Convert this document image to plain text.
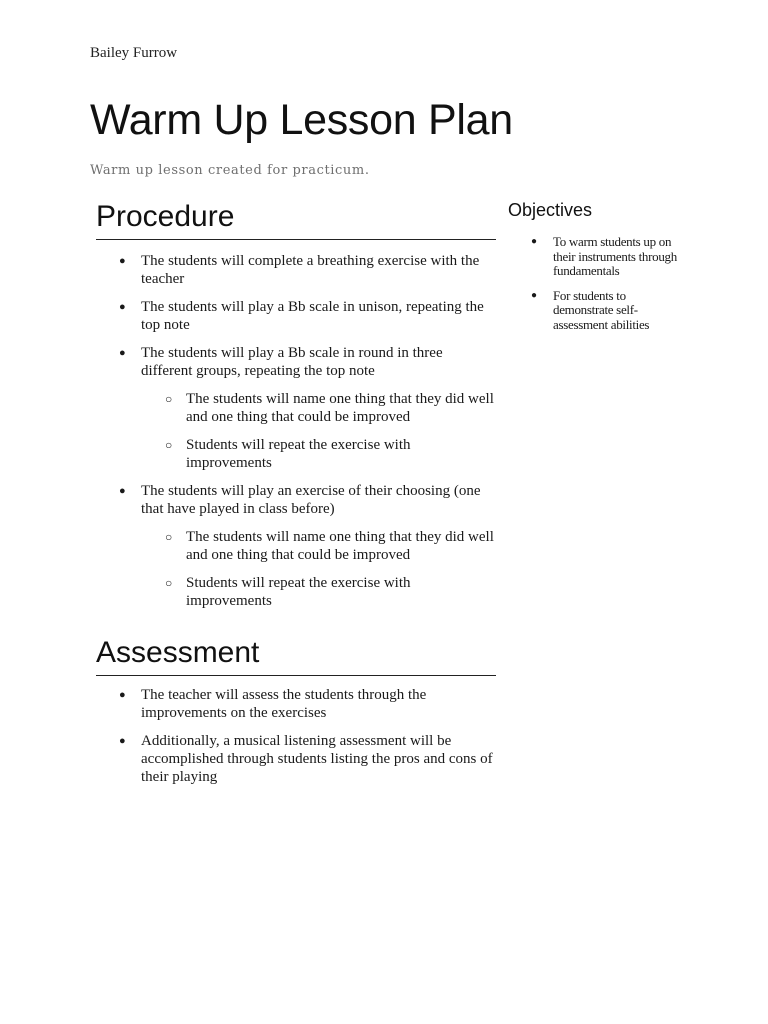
Bailey Furrow
Warm Up Lesson Plan
Warm up lesson created for practicum.
Procedure
● The students will complete a breathing exercise with the teacher
● The students will play a Bb scale in unison, repeating the top note
● The students will play a Bb scale in round in three different groups, repeating the top note
○ The students will name one thing that they did well and one thing that could be improved
○ Students will repeat the exercise with improvements
● The students will play an exercise of their choosing (one that have played in class before)
○ The students will name one thing that they did well and one thing that could be improved
○ Students will repeat the exercise with improvements
Assessment
● The teacher will assess the students through the improvements on the exercises
● Additionally, a musical listening assessment will be accomplished through students listing the pros and cons of their playing
Objectives
● To warm students up on their instruments through fundamentals
● For students to demonstrate self-assessment abilities
